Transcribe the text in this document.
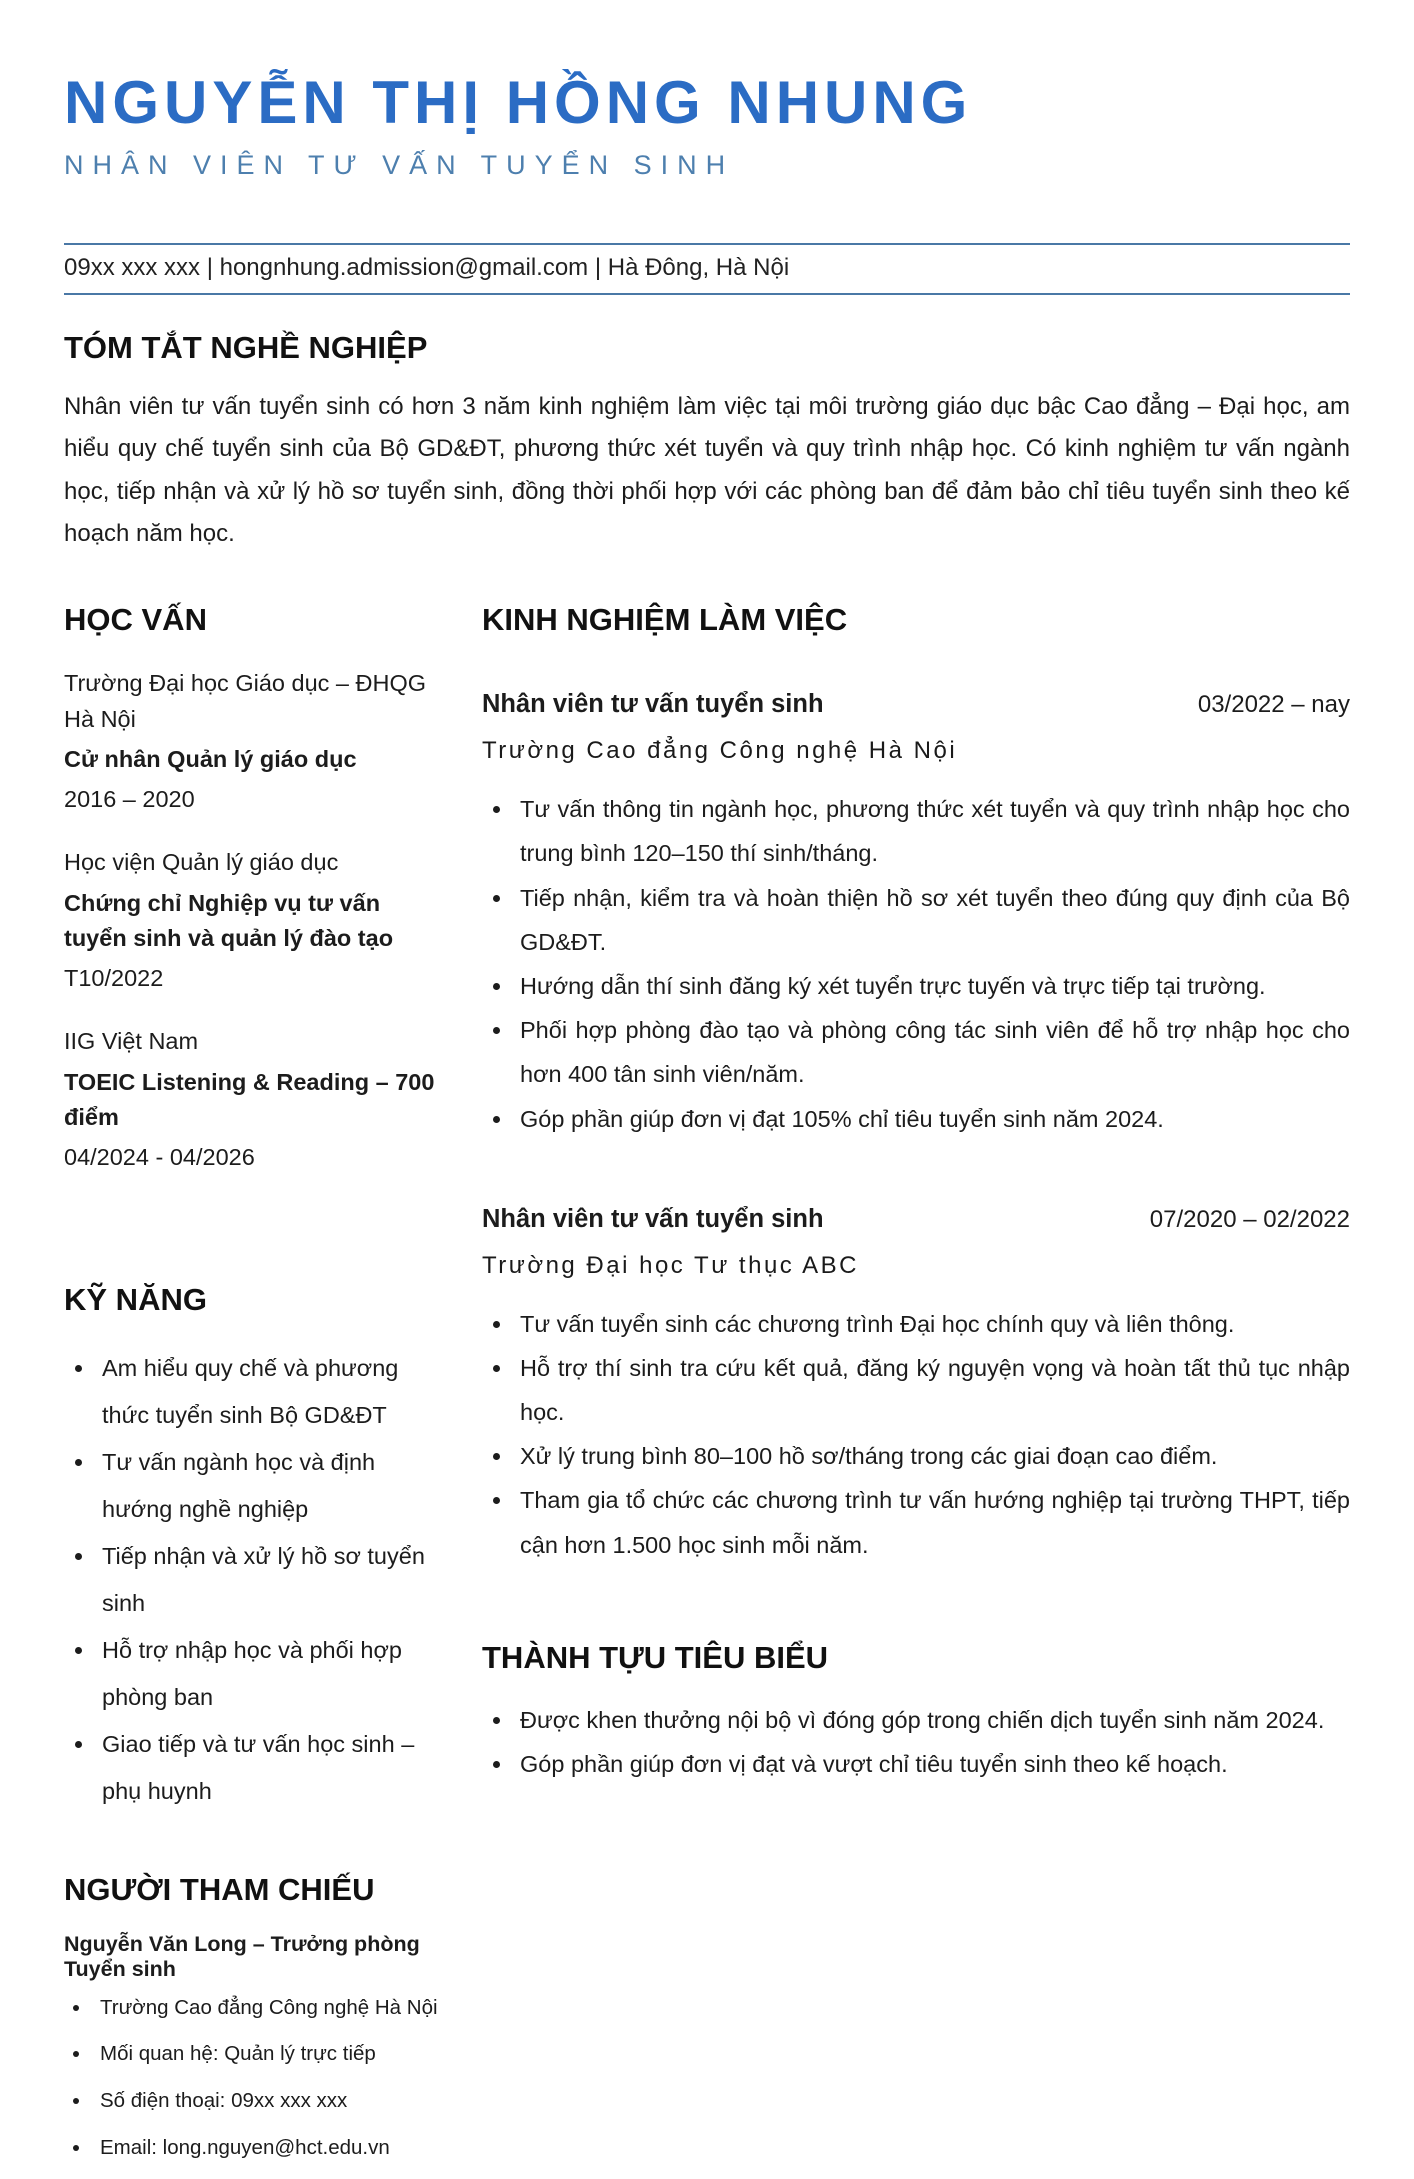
NGUYỄN THỊ HỒNG NHUNG
NHÂN VIÊN TƯ VẤN TUYỂN SINH
09xx xxx xxx | hongnhung.admission@gmail.com | Hà Đông, Hà Nội
TÓM TẮT NGHỀ NGHIỆP

Nhân viên tư vấn tuyển sinh có hơn 3 năm kinh nghiệm làm việc tại môi trường giáo dục bậc Cao đẳng – Đại học, am hiểu quy chế tuyển sinh của Bộ GD&ĐT, phương thức xét tuyển và quy trình nhập học. Có kinh nghiệm tư vấn ngành học, tiếp nhận và xử lý hồ sơ tuyển sinh, đồng thời phối hợp với các phòng ban để đảm bảo chỉ tiêu tuyển sinh theo kế hoạch năm học.

HỌC VẤN

Trường Đại học Giáo dục – ĐHQG Hà Nội

Cử nhân Quản lý giáo dục

2016 – 2020

Học viện Quản lý giáo dục

Chứng chỉ Nghiệp vụ tư vấn tuyển sinh và quản lý đào tạo

T10/2022

IIG Việt Nam

TOEIC Listening & Reading – 700 điểm

04/2024 - 04/2026

KỸ NĂNG
• Am hiểu quy chế và phương thức tuyển sinh Bộ GD&ĐT
• Tư vấn ngành học và định hướng nghề nghiệp
• Tiếp nhận và xử lý hồ sơ tuyển sinh
• Hỗ trợ nhập học và phối hợp phòng ban
• Giao tiếp và tư vấn học sinh – phụ huynh
NGƯỜI THAM CHIẾU

Nguyễn Văn Long – Trưởng phòng Tuyển sinh

• Trường Cao đẳng Công nghệ Hà Nội
• Mối quan hệ: Quản lý trực tiếp
• Số điện thoại: 09xx xxx xxx
• Email: long.nguyen@hct.edu.vn
KINH NGHIỆM LÀM VIỆC
Nhân viên tư vấn tuyển sinh	03/2022 – nay
Trường Cao đẳng Công nghệ Hà Nội
• Tư vấn thông tin ngành học, phương thức xét tuyển và quy trình nhập học cho trung bình 120–150 thí sinh/tháng.
• Tiếp nhận, kiểm tra và hoàn thiện hồ sơ xét tuyển theo đúng quy định của Bộ GD&ĐT.
• Hướng dẫn thí sinh đăng ký xét tuyển trực tuyến và trực tiếp tại trường.
• Phối hợp phòng đào tạo và phòng công tác sinh viên để hỗ trợ nhập học cho hơn 400 tân sinh viên/năm.
• Góp phần giúp đơn vị đạt 105% chỉ tiêu tuyển sinh năm 2024.
Nhân viên tư vấn tuyển sinh	07/2020 – 02/2022
Trường Đại học Tư thục ABC
• Tư vấn tuyển sinh các chương trình Đại học chính quy và liên thông.
• Hỗ trợ thí sinh tra cứu kết quả, đăng ký nguyện vọng và hoàn tất thủ tục nhập học.
• Xử lý trung bình 80–100 hồ sơ/tháng trong các giai đoạn cao điểm.
• Tham gia tổ chức các chương trình tư vấn hướng nghiệp tại trường THPT, tiếp cận hơn 1.500 học sinh mỗi năm.
THÀNH TỰU TIÊU BIỂU
• Được khen thưởng nội bộ vì đóng góp trong chiến dịch tuyển sinh năm 2024.
• Góp phần giúp đơn vị đạt và vượt chỉ tiêu tuyển sinh theo kế hoạch.
